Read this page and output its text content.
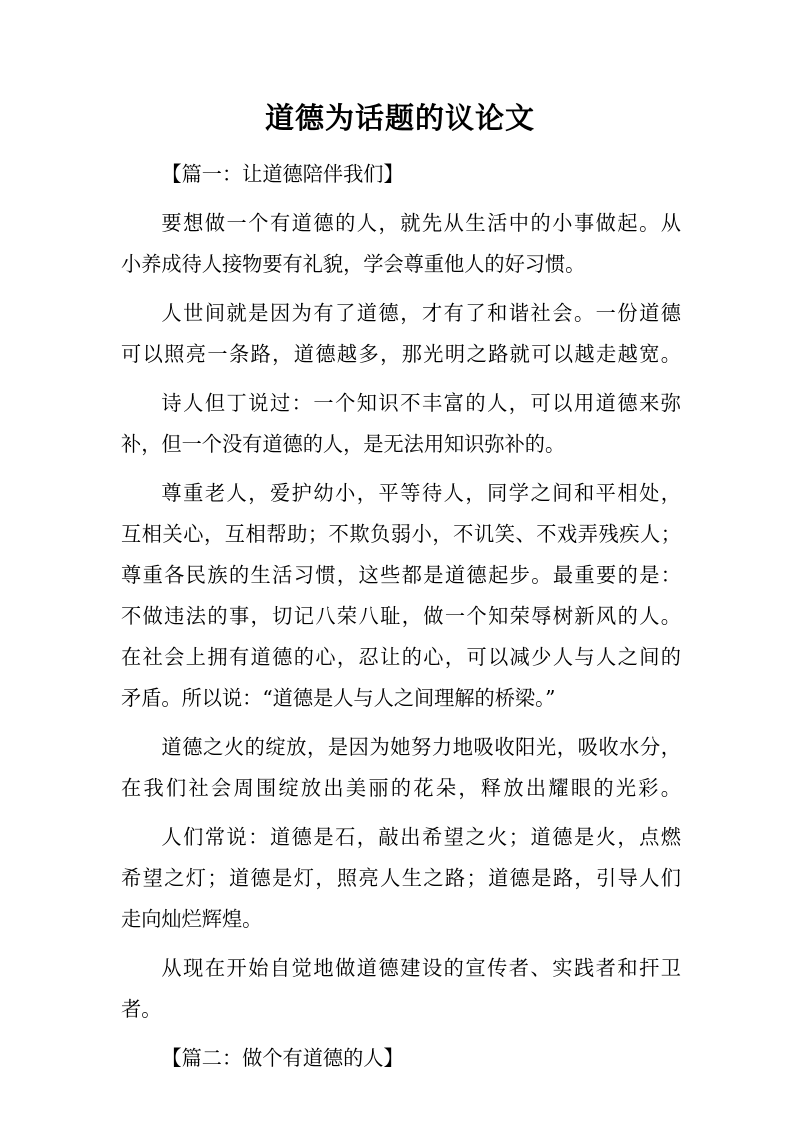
道德为话题的议论文
【篇一：让道德陪伴我们】
要想做一个有道德的人，就先从生活中的小事做起。从
小养成待人接物要有礼貌，学会尊重他人的好习惯。
人世间就是因为有了道德，才有了和谐社会。一份道德
可以照亮一条路，道德越多，那光明之路就可以越走越宽。
诗人但丁说过：一个知识不丰富的人，可以用道德来弥
补，但一个没有道德的人，是无法用知识弥补的。
尊重老人，爱护幼小，平等待人，同学之间和平相处，
互相关心，互相帮助；不欺负弱小，不讥笑、不戏弄残疾人；
尊重各民族的生活习惯，这些都是道德起步。最重要的是：
不做违法的事，切记八荣八耻，做一个知荣辱树新风的人。
在社会上拥有道德的心，忍让的心，可以减少人与人之间的
矛盾。所以说：“道德是人与人之间理解的桥梁。”
道德之火的绽放，是因为她努力地吸收阳光，吸收水分，
在我们社会周围绽放出美丽的花朵，释放出耀眼的光彩。
人们常说：道德是石，敲出希望之火；道德是火，点燃
希望之灯；道德是灯，照亮人生之路；道德是路，引导人们
走向灿烂辉煌。
从现在开始自觉地做道德建设的宣传者、实践者和扞卫
者。
【篇二：做个有道德的人】
